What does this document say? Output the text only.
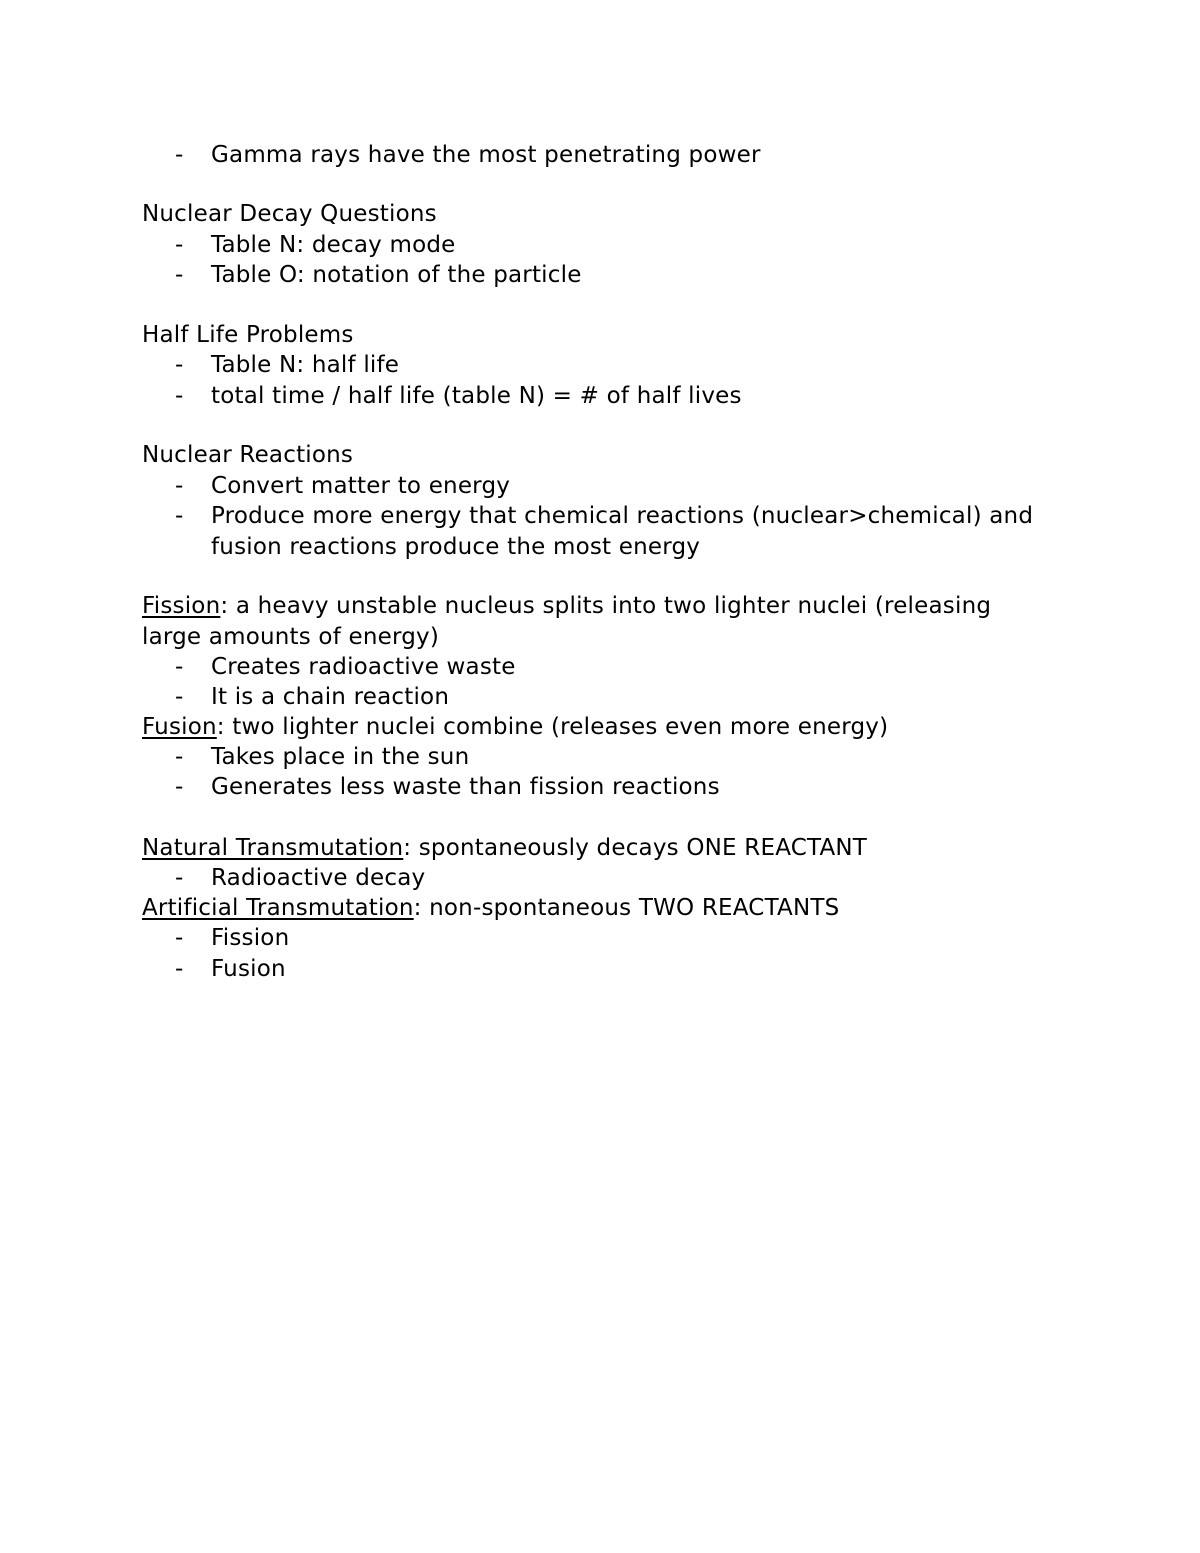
- Gamma rays have the most penetrating power
Nuclear Decay Questions
- Table N: decay mode
- Table O: notation of the particle
Half Life Problems
- Table N: half life
- total time / half life (table N) = # of half lives
Nuclear Reactions
- Convert matter to energy
- Produce more energy that chemical reactions (nuclear>chemical) and
fusion reactions produce the most energy
Fission: a heavy unstable nucleus splits into two lighter nuclei (releasing
large amounts of energy)
- Creates radioactive waste
- It is a chain reaction
Fusion: two lighter nuclei combine (releases even more energy)
- Takes place in the sun
- Generates less waste than fission reactions
Natural Transmutation: spontaneously decays ONE REACTANT
- Radioactive decay
Artificial Transmutation: non-spontaneous TWO REACTANTS
- Fission
- Fusion
